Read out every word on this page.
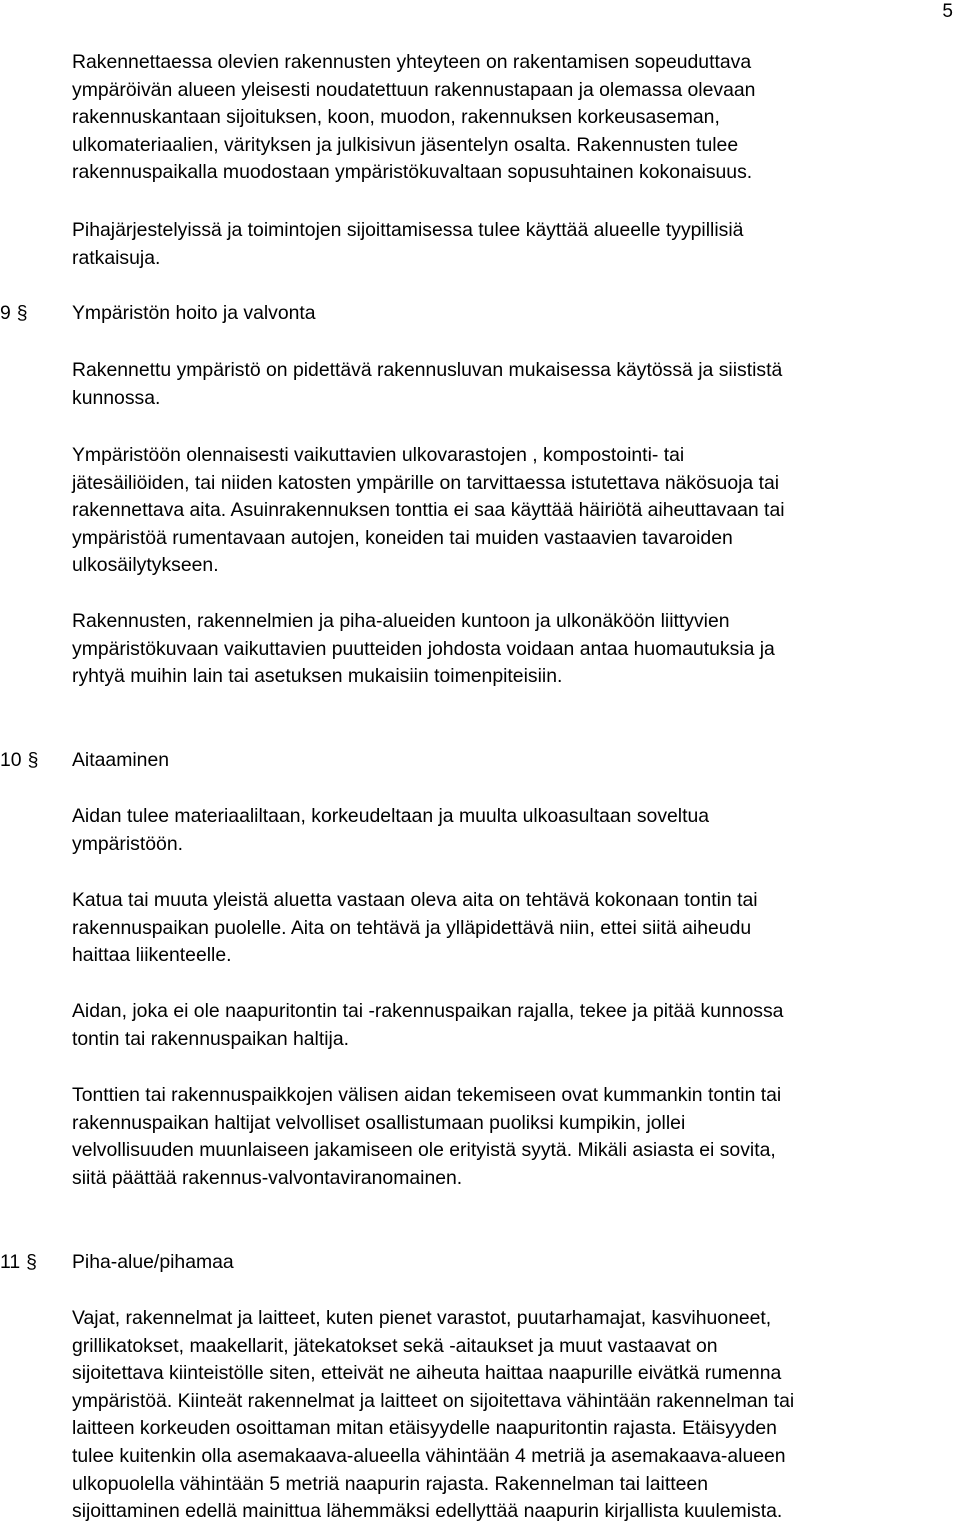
5
Rakennettaessa olevien rakennusten yhteyteen on rakentamisen sopeuduttava
ympäröivän alueen yleisesti noudatettuun rakennustapaan ja olemassa olevaan
rakennuskantaan sijoituksen, koon, muodon, rakennuksen korkeusaseman,
ulkomateriaalien, värityksen ja julkisivun jäsentelyn osalta. Rakennusten tulee
rakennuspaikalla muodostaan ympäristökuvaltaan sopusuhtainen kokonaisuus.
Pihajärjestelyissä ja toimintojen sijoittamisessa tulee käyttää alueelle tyypillisiä
ratkaisuja.
9 § Ympäristön hoito ja valvonta
Rakennettu ympäristö on pidettävä rakennusluvan mukaisessa käytössä ja siististä
kunnossa.
Ympäristöön olennaisesti vaikuttavien ulkovarastojen , kompostointi- tai
jätesäiliöiden, tai niiden katosten ympärille on tarvittaessa istutettava näkösuoja tai
rakennettava aita. Asuinrakennuksen tonttia ei saa käyttää häiriötä aiheuttavaan tai
ympäristöä rumentavaan autojen, koneiden tai muiden vastaavien tavaroiden
ulkosäilytykseen.
Rakennusten, rakennelmien ja piha-alueiden kuntoon ja ulkonäköön liittyvien
ympäristökuvaan vaikuttavien puutteiden johdosta voidaan antaa huomautuksia ja
ryhtyä muihin lain tai asetuksen mukaisiin toimenpiteisiin.
10 § Aitaaminen
Aidan tulee materiaaliltaan, korkeudeltaan ja muulta ulkoasultaan soveltua
ympäristöön.
Katua tai muuta yleistä aluetta vastaan oleva aita on tehtävä kokonaan tontin tai
rakennuspaikan puolelle. Aita on tehtävä ja ylläpidettävä niin, ettei siitä aiheudu
haittaa liikenteelle.
Aidan, joka ei ole naapuritontin tai -rakennuspaikan rajalla, tekee ja pitää kunnossa
tontin tai rakennuspaikan haltija.
Tonttien tai rakennuspaikkojen välisen aidan tekemiseen ovat kummankin tontin tai
rakennuspaikan haltijat velvolliset osallistumaan puoliksi kumpikin, jollei
velvollisuuden muunlaiseen jakamiseen ole erityistä syytä. Mikäli asiasta ei sovita,
siitä päättää rakennus-valvontaviranomainen.
11 § Piha-alue/pihamaa
Vajat, rakennelmat ja laitteet, kuten pienet varastot, puutarhamajat, kasvihuoneet,
grillikatokset, maakellarit, jätekatokset sekä -aitaukset ja muut vastaavat on
sijoitettava kiinteistölle siten, etteivät ne aiheuta haittaa naapurille eivätkä rumenna
ympäristöä. Kiinteät rakennelmat ja laitteet on sijoitettava vähintään rakennelman tai
laitteen korkeuden osoittaman mitan etäisyydelle naapuritontin rajasta. Etäisyyden
tulee kuitenkin olla asemakaava-alueella vähintään 4 metriä ja asemakaava-alueen
ulkopuolella vähintään 5 metriä naapurin rajasta. Rakennelman tai laitteen
sijoittaminen edellä mainittua lähemmäksi edellyttää naapurin kirjallista kuulemista.
